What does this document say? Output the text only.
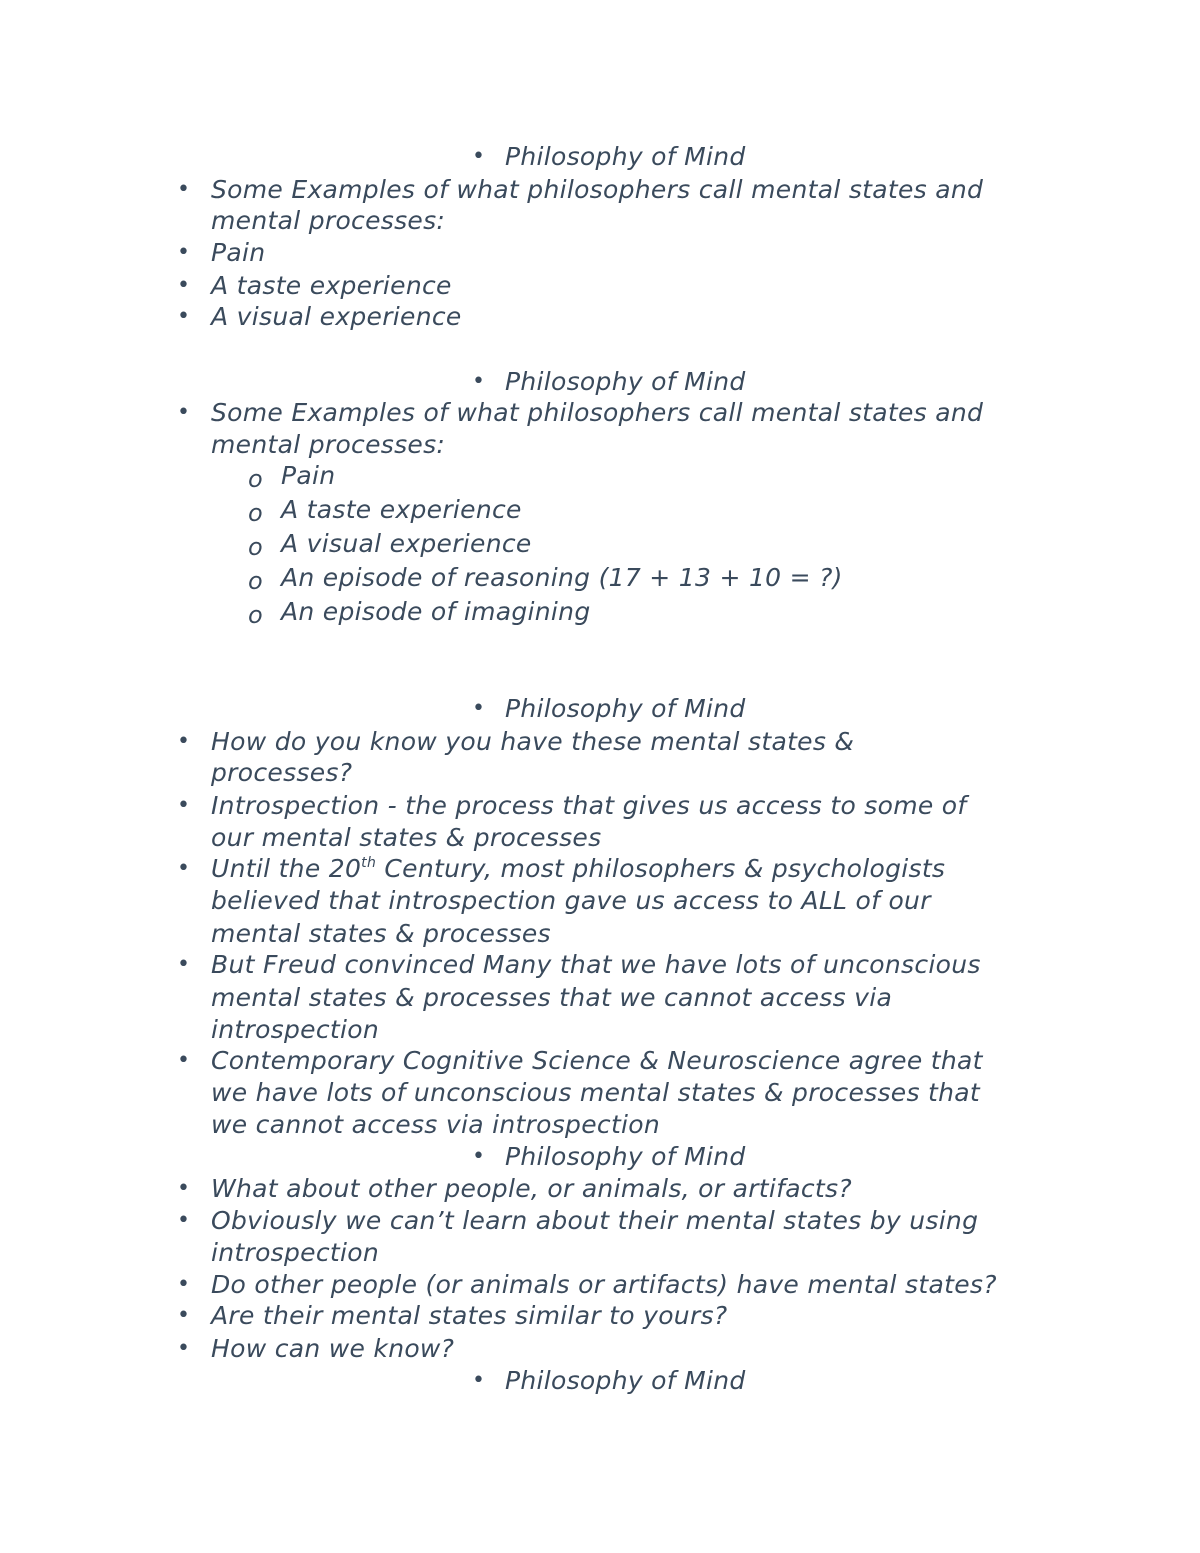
• Philosophy of Mind
• Some Examples of what philosophers call mental states and
mental processes:
• Pain
• A taste experience
• A visual experience
• Philosophy of Mind
• Some Examples of what philosophers call mental states and
mental processes:
o Pain
o A taste experience
o A visual experience
o An episode of reasoning (17 + 13 + 10 = ?)
o An episode of imagining
• Philosophy of Mind
• How do you know you have these mental states &
processes?
• Introspection - the process that gives us access to some of
our mental states & processes
• Until the 20th Century, most philosophers & psychologists
believed that introspection gave us access to ALL of our
mental states & processes
• But Freud convinced Many that we have lots of unconscious
mental states & processes that we cannot access via
introspection
• Contemporary Cognitive Science & Neuroscience agree that
we have lots of unconscious mental states & processes that
we cannot access via introspection
• Philosophy of Mind
• What about other people, or animals, or artifacts?
• Obviously we can’t learn about their mental states by using
introspection
• Do other people (or animals or artifacts) have mental states?
• Are their mental states similar to yours?
• How can we know?
• Philosophy of Mind
